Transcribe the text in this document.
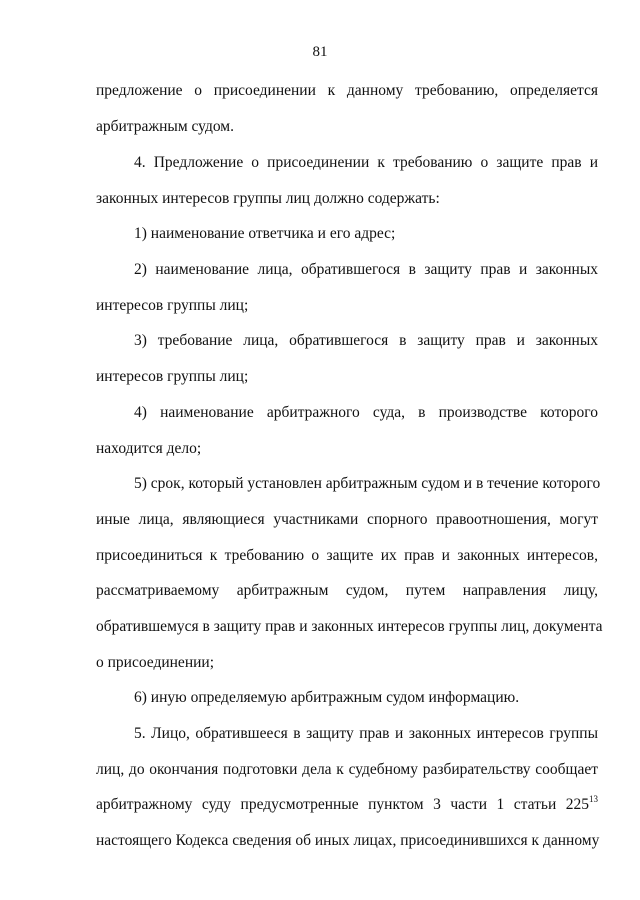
81
предложение о присоединении к данному требованию, определяется
арбитражным судом.
4. Предложение о присоединении к требованию о защите прав и
законных интересов группы лиц должно содержать:
1) наименование ответчика и его адрес;
2) наименование лица, обратившегося в защиту прав и законных
интересов группы лиц;
3) требование лица, обратившегося в защиту прав и законных
интересов группы лиц;
4) наименование арбитражного суда, в производстве которого
находится дело;
5) срок, который установлен арбитражным судом и в течение которого
иные лица, являющиеся участниками спорного правоотношения, могут
присоединиться к требованию о защите их прав и законных интересов,
рассматриваемому арбитражным судом, путем направления лицу,
обратившемуся в защиту прав и законных интересов группы лиц, документа
о присоединении;
6) иную определяемую арбитражным судом информацию.
5. Лицо, обратившееся в защиту прав и законных интересов группы
лиц, до окончания подготовки дела к судебному разбирательству сообщает
арбитражному суду предусмотренные пунктом 3 части 1 статьи $225^{13}$
настоящего Кодекса сведения об иных лицах, присоединившихся к данному
